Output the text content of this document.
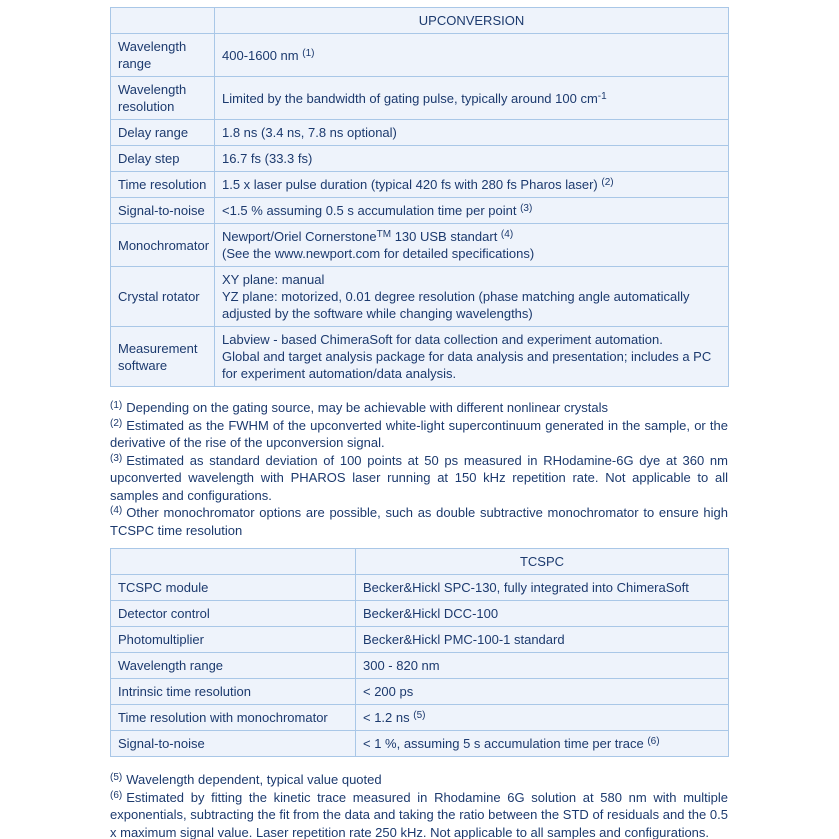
	UPCONVERSION
Wavelength range	400-1600 nm $^{(1)}$

Wavelength resolution	Limited by the bandwidth of gating pulse, typically around 100 $cm^{-1}$

Delay range	1.8 ns (3.4 ns, 7.8 ns optional)

Delay step	16.7 fs (33.3 fs)

Time resolution	1.5 x laser pulse duration (typical 420 fs with 280 fs Pharos laser) $^{(2)}$

Signal-to-noise	<1.5 % assuming 0.5 s accumulation time per point $^{(3)}$

Monochromator	Newport/Oriel Cornerstone™ 130 USB standart $^{(4)}$
(See the www.newport.com for detailed specifications)

Crystal rotator	XY plane: manual
YZ plane: motorized, 0.01 degree resolution (phase matching angle automatically adjusted by the software while changing wavelengths)

Measurement software	Labview - based ChimeraSoft for data collection and experiment automation.
Global and target analysis package for data analysis and presentation; includes a PC for experiment automation/data analysis.

$^{(1)}$ Depending on the gating source, may be achievable with different nonlinear crystals

$^{(2)}$ Estimated as the FWHM of the upconverted white-light supercontinuum generated in the sample, or the derivative of the rise of the upconversion signal.

$^{(3)}$ Estimated as standard deviation of 100 points at 50 ps measured in RHodamine-6G dye at 360 nm upconverted wavelength with PHAROS laser running at 150 kHz repetition rate. Not applicable to all samples and configurations.

$^{(4)}$ Other monochromator options are possible, such as double subtractive monochromator to ensure high TCSPC time resolution

	TCSPC
TCSPC module	Becker&Hickl SPC-130, fully integrated into ChimeraSoft

Detector control	Becker&Hickl DCC-100

Photomultiplier	Becker&Hickl PMC-100-1 standard

Wavelength range	300 - 820 nm

Intrinsic time resolution	< 200 ps

Time resolution with monochromator	< 1.2 ns $^{(5)}$

Signal-to-noise	< 1 %, assuming 5 s accumulation time per trace $^{(6)}$

$^{(5)}$ Wavelength dependent, typical value quoted

$^{(6)}$ Estimated by fitting the kinetic trace measured in Rhodamine 6G solution at 580 nm with multiple exponentials, subtracting the fit from the data and taking the ratio between the STD of residuals and the 0.5 x maximum signal value. Laser repetition rate 250 kHz. Not applicable to all samples and configurations.
